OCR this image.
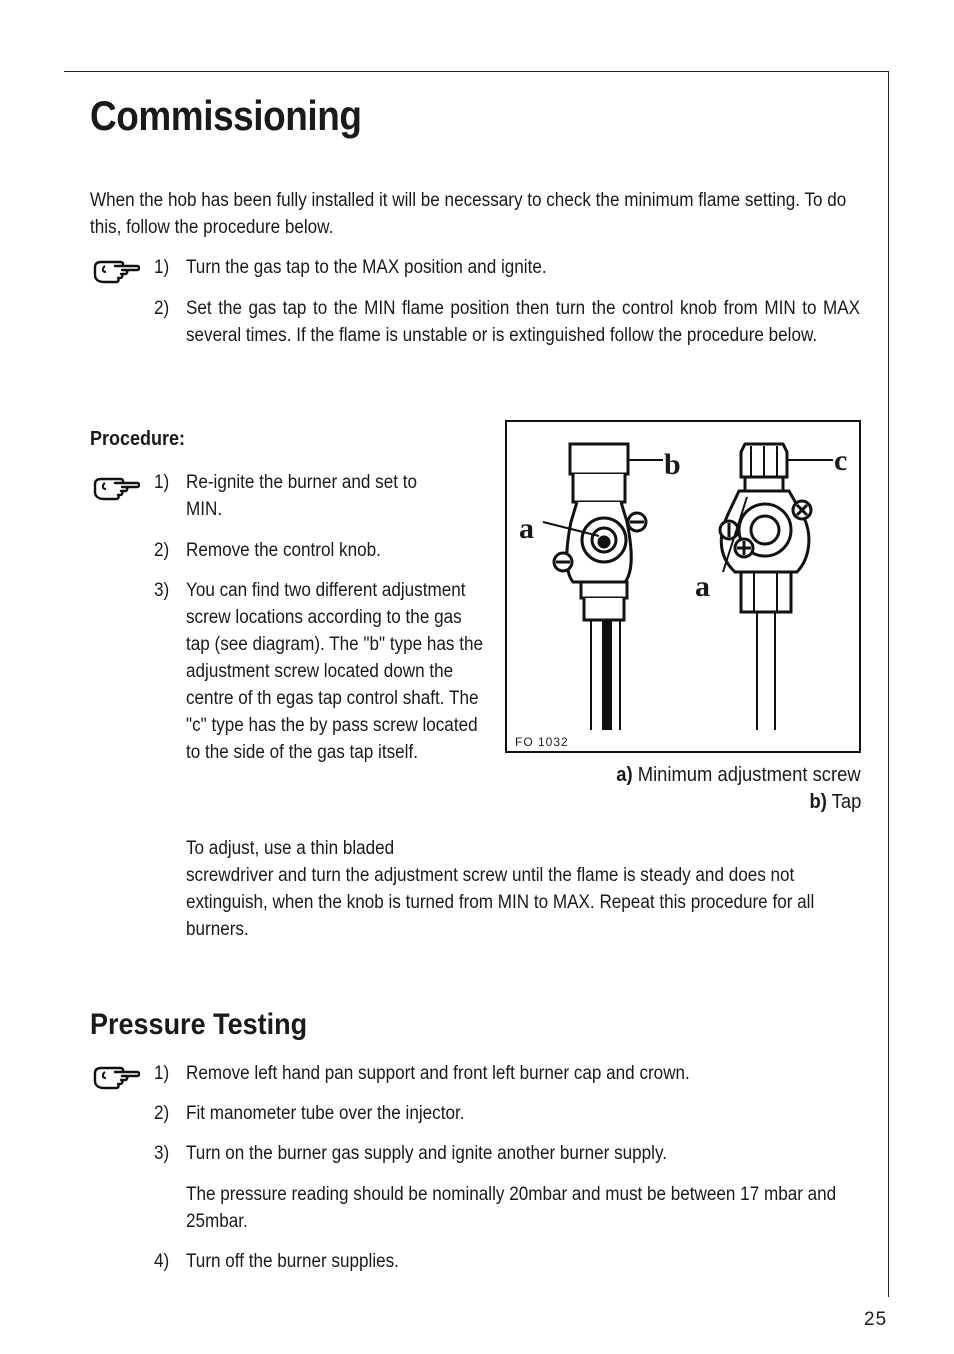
Commissioning
When the hob has been fully installed it will be necessary to check the minimum flame setting. To do this, follow the procedure below.
1) Turn the gas tap to the MAX position and ignite.
2) Set the gas tap to the MIN flame position then turn the control knob from MIN to MAX several times. If the flame is unstable or is extinguished follow the procedure below.
Procedure:
1) Re-ignite the burner and set to MIN.
2) Remove the control knob.
3) You can find two different adjustment screw locations according to the gas tap (see diagram). The "b" type has the adjustment screw located down the centre of th egas tap control shaft. The "c" type has the by pass screw located to the side of the gas tap itself.
To adjust, use a thin bladed
screwdriver and turn the adjustment screw until the flame is steady and does not extinguish, when the knob is turned from MIN to MAX. Repeat this procedure for all burners.
b	c
a
a
FO 1032
a) Minimum adjustment screw
b) Tap
Pressure Testing
1) Remove left hand pan support and front left burner cap and crown.
2) Fit manometer tube over the injector.
3) Turn on the burner gas supply and ignite another burner supply.
The pressure reading should be nominally 20mbar and must be between 17 mbar and 25mbar.
4) Turn off the burner supplies.
25
